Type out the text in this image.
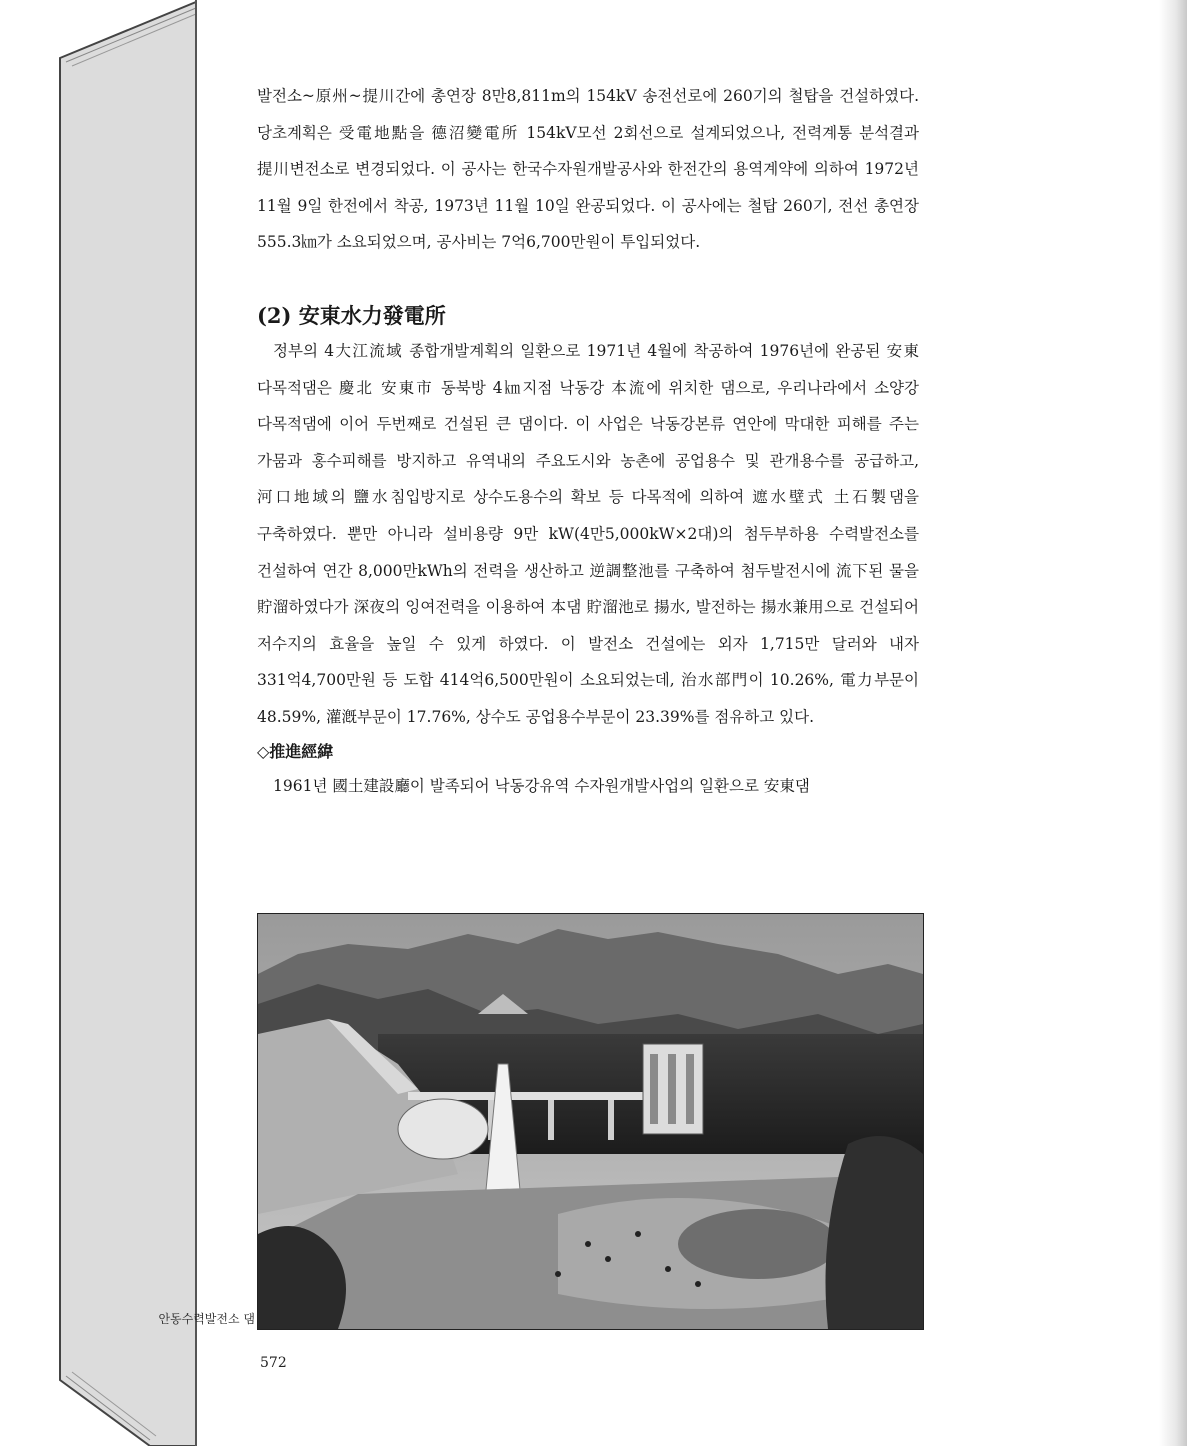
발전소~原州~提川간에 총연장 8만8,811m의 154kV 송전선로에 260기의 철탑을 건설하였다. 당초계획은 受電地點을 德沼變電所 154kV모선 2회선으로 설계되었으나, 전력계통 분석결과 提川변전소로 변경되었다. 이 공사는 한국수자원개발공사와 한전간의 용역계약에 의하여 1972년 11월 9일 한전에서 착공, 1973년 11월 10일 완공되었다. 이 공사에는 철탑 260기, 전선 총연장 555.3㎞가 소요되었으며, 공사비는 7억6,700만원이 투입되었다.

(2) 安東水力發電所

정부의 4大江流域 종합개발계획의 일환으로 1971년 4월에 착공하여 1976년에 완공된 安東 다목적댐은 慶北 安東市 동북방 4㎞지점 낙동강 本流에 위치한 댐으로, 우리나라에서 소양강 다목적댐에 이어 두번째로 건설된 큰 댐이다. 이 사업은 낙동강본류 연안에 막대한 피해를 주는 가뭄과 홍수피해를 방지하고 유역내의 주요도시와 농촌에 공업용수 및 관개용수를 공급하고, 河口地域의 鹽水침입방지로 상수도용수의 확보 등 다목적에 의하여 遮水壁式 土石製댐을 구축하였다. 뿐만 아니라 설비용량 9만 kW(4만5,000kW×2대)의 첨두부하용 수력발전소를 건설하여 연간 8,000만kWh의 전력을 생산하고 逆調整池를 구축하여 첨두발전시에 流下된 물을 貯溜하였다가 深夜의 잉여전력을 이용하여 本댐 貯溜池로 揚水, 발전하는 揚水兼用으로 건설되어 저수지의 효율을 높일 수 있게 하였다. 이 발전소 건설에는 외자 1,715만 달러와 내자 331억4,700만원 등 도합 414억6,500만원이 소요되었는데, 治水部門이 10.26%, 電力부문이 48.59%, 灌漑부문이 17.76%, 상수도 공업용수부문이 23.39%를 점유하고 있다.

◇推進經緯

1961년 國土建設廳이 발족되어 낙동강유역 수자원개발사업의 일환으로 安東댐

안동수력발전소 댐
572
